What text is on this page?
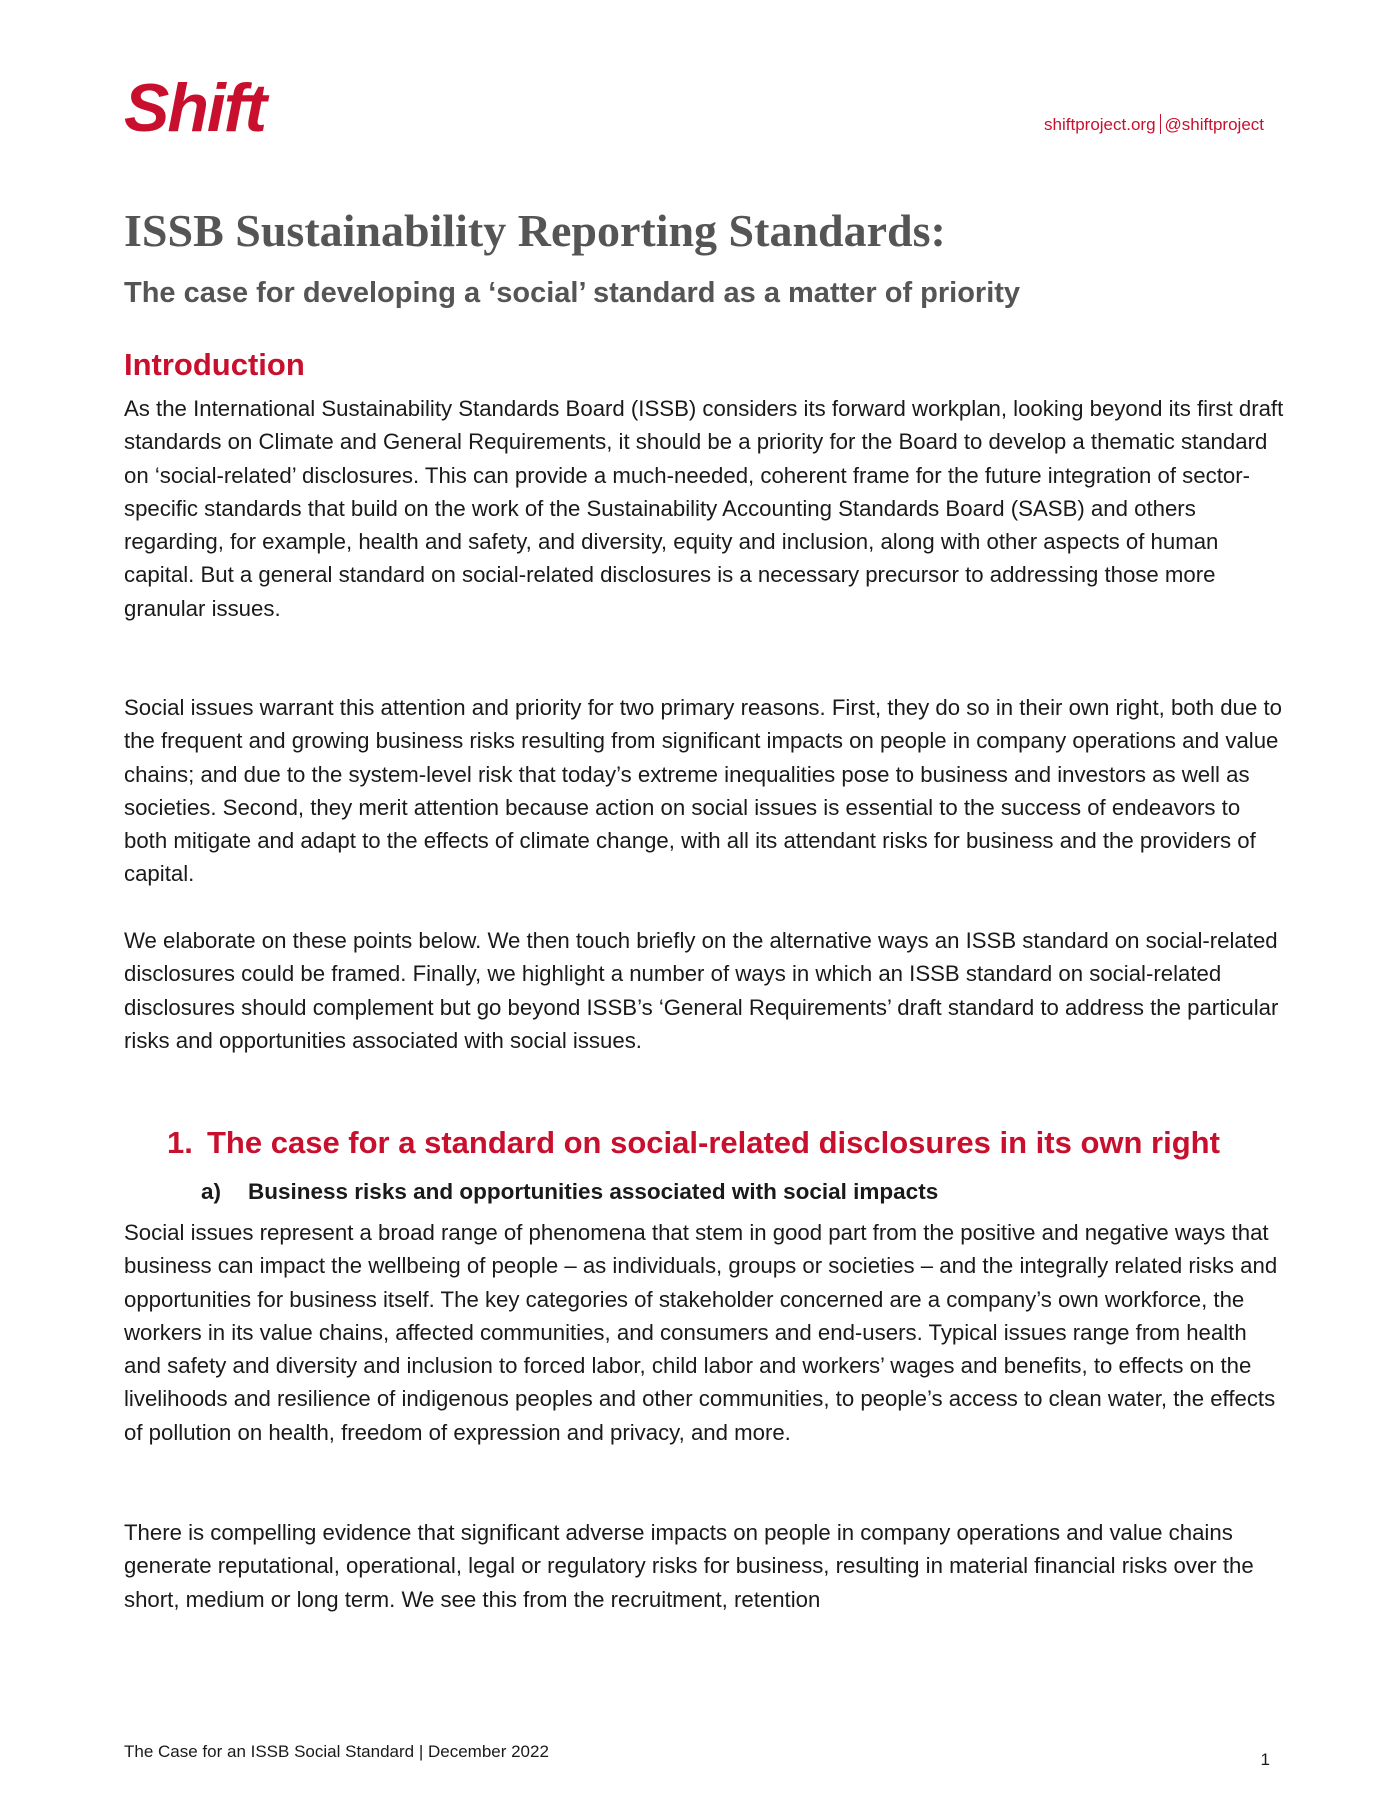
Shift	shiftproject.org @shiftproject
ISSB Sustainability Reporting Standards:
The case for developing a ‘social’ standard as a matter of priority
Introduction

As the International Sustainability Standards Board (ISSB) considers its forward workplan, looking beyond its first draft standards on Climate and General Requirements, it should be a priority for the Board to develop a thematic standard on ‘social-related’ disclosures. This can provide a much-needed, coherent frame for the future integration of sector-specific standards that build on the work of the Sustainability Accounting Standards Board (SASB) and others regarding, for example, health and safety, and diversity, equity and inclusion, along with other aspects of human capital. But a general standard on social-related disclosures is a necessary precursor to addressing those more granular issues.

Social issues warrant this attention and priority for two primary reasons. First, they do so in their own right, both due to the frequent and growing business risks resulting from significant impacts on people in company operations and value chains; and due to the system-level risk that today’s extreme inequalities pose to business and investors as well as societies. Second, they merit attention because action on social issues is essential to the success of endeavors to both mitigate and adapt to the effects of climate change, with all its attendant risks for business and the providers of capital.

We elaborate on these points below. We then touch briefly on the alternative ways an ISSB standard on social-related disclosures could be framed. Finally, we highlight a number of ways in which an ISSB standard on social-related disclosures should complement but go beyond ISSB’s ‘General Requirements’ draft standard to address the particular risks and opportunities associated with social issues.

1. The case for a standard on social-related disclosures in its own right
a) Business risks and opportunities associated with social impacts

Social issues represent a broad range of phenomena that stem in good part from the positive and negative ways that business can impact the wellbeing of people – as individuals, groups or societies – and the integrally related risks and opportunities for business itself. The key categories of stakeholder concerned are a company’s own workforce, the workers in its value chains, affected communities, and consumers and end-users. Typical issues range from health and safety and diversity and inclusion to forced labor, child labor and workers’ wages and benefits, to effects on the livelihoods and resilience of indigenous peoples and other communities, to people’s access to clean water, the effects of pollution on health, freedom of expression and privacy, and more.

There is compelling evidence that significant adverse impacts on people in company operations and value chains generate reputational, operational, legal or regulatory risks for business, resulting in material financial risks over the short, medium or long term. We see this from the recruitment, retention

The Case for an ISSB Social Standard | December 2022	1
